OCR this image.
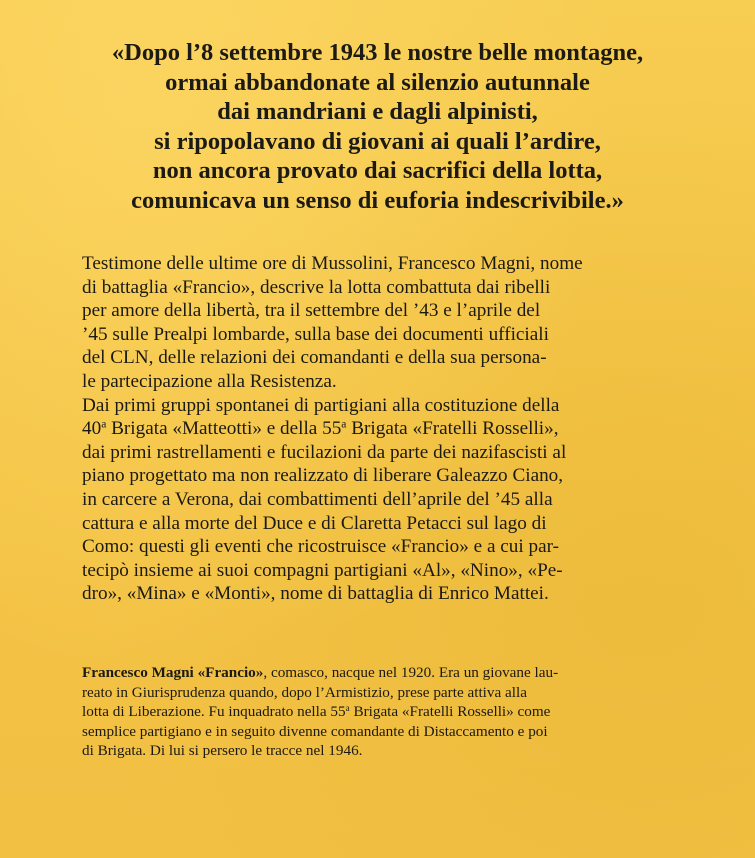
«Dopo l’8 settembre 1943 le nostre belle montagne,
ormai abbandonate al silenzio autunnale
dai mandriani e dagli alpinisti,
si ripopolavano di giovani ai quali l’ardire,
non ancora provato dai sacrifici della lotta,
comunicava un senso di euforia indescrivibile.»

Testimone delle ultime ore di Mussolini, Francesco Magni, nome
di battaglia «Francio», descrive la lotta combattuta dai ribelli
per amore della libertà, tra il settembre del ’43 e l’aprile del
’45 sulle Prealpi lombarde, sulla base dei documenti ufficiali
del CLN, delle relazioni dei comandanti e della sua persona-
le partecipazione alla Resistenza.
Dai primi gruppi spontanei di partigiani alla costituzione della
40$^a$ Brigata «Matteotti» e della 55$^a$ Brigata «Fratelli Rosselli»,
dai primi rastrellamenti e fucilazioni da parte dei nazifascisti al
piano progettato ma non realizzato di liberare Galeazzo Ciano,
in carcere a Verona, dai combattimenti dell’aprile del ’45 alla
cattura e alla morte del Duce e di Claretta Petacci sul lago di
Como: questi gli eventi che ricostruisce «Francio» e a cui par-
tecipò insieme ai suoi compagni partigiani «Al», «Nino», «Pe-
dro», «Mina» e «Monti», nome di battaglia di Enrico Mattei.

Francesco Magni «Francio», comasco, nacque nel 1920. Era un giovane lau-
reato in Giurisprudenza quando, dopo l’Armistizio, prese parte attiva alla
lotta di Liberazione. Fu inquadrato nella 55$^a$ Brigata «Fratelli Rosselli» come
semplice partigiano e in seguito divenne comandante di Distaccamento e poi
di Brigata. Di lui si persero le tracce nel 1946.
